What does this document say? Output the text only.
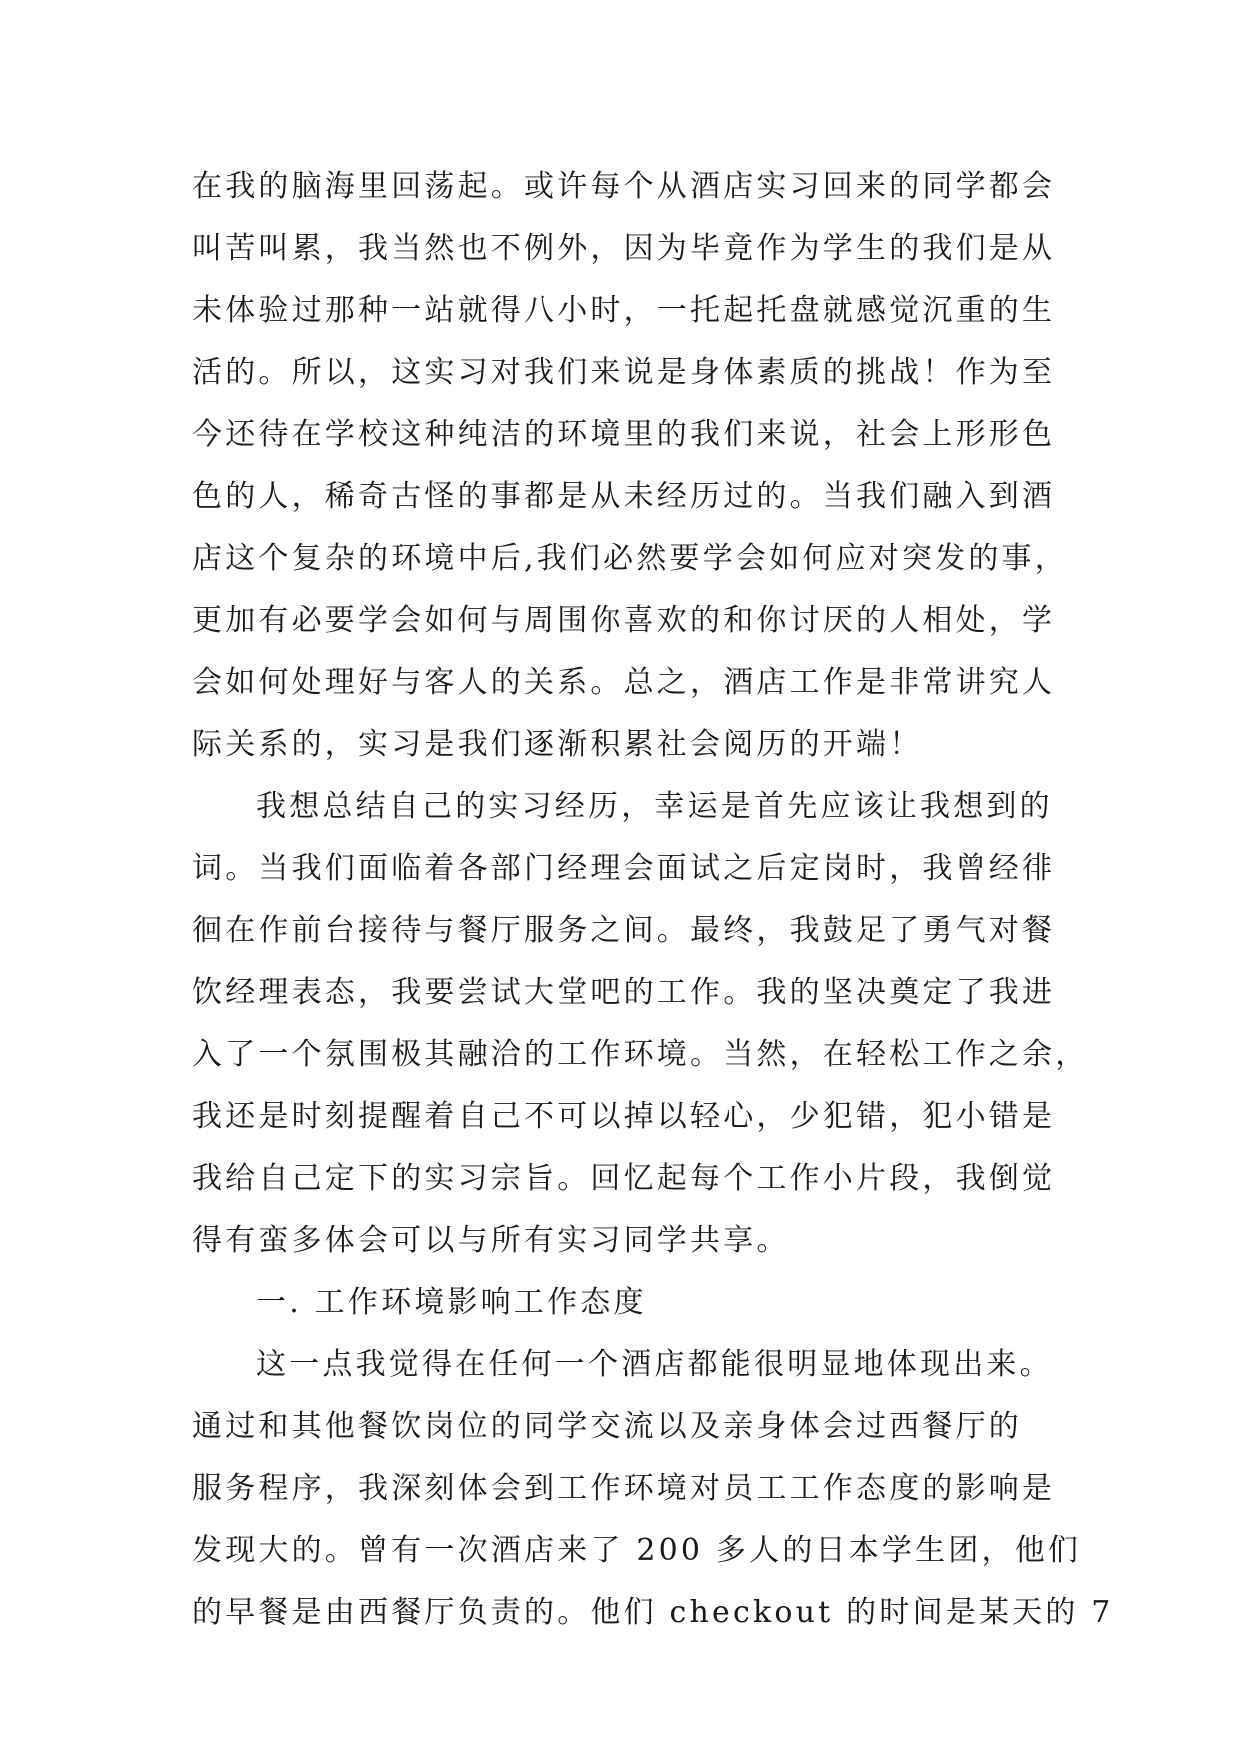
在我的脑海里回荡起。或许每个从酒店实习回来的同学都会
叫苦叫累，我当然也不例外，因为毕竟作为学生的我们是从
未体验过那种一站就得八小时，一托起托盘就感觉沉重的生
活的。所以，这实习对我们来说是身体素质的挑战！作为至
今还待在学校这种纯洁的环境里的我们来说，社会上形形色
色的人，稀奇古怪的事都是从未经历过的。当我们融入到酒
店这个复杂的环境中后,我们必然要学会如何应对突发的事，
更加有必要学会如何与周围你喜欢的和你讨厌的人相处，学
会如何处理好与客人的关系。总之，酒店工作是非常讲究人
际关系的，实习是我们逐渐积累社会阅历的开端！
我想总结自己的实习经历，幸运是首先应该让我想到的
词。当我们面临着各部门经理会面试之后定岗时，我曾经徘
徊在作前台接待与餐厅服务之间。最终，我鼓足了勇气对餐
饮经理表态，我要尝试大堂吧的工作。我的坚决奠定了我进
入了一个氛围极其融洽的工作环境。当然，在轻松工作之余，
我还是时刻提醒着自己不可以掉以轻心，少犯错，犯小错是
我给自己定下的实习宗旨。回忆起每个工作小片段，我倒觉
得有蛮多体会可以与所有实习同学共享。
一. 工作环境影响工作态度
这一点我觉得在任何一个酒店都能很明显地体现出来。
通过和其他餐饮岗位的同学交流以及亲身体会过西餐厅的
服务程序，我深刻体会到工作环境对员工工作态度的影响是
发现大的。曾有一次酒店来了 200 多人的日本学生团，他们
的早餐是由西餐厅负责的。他们 checkout 的时间是某天的 7
